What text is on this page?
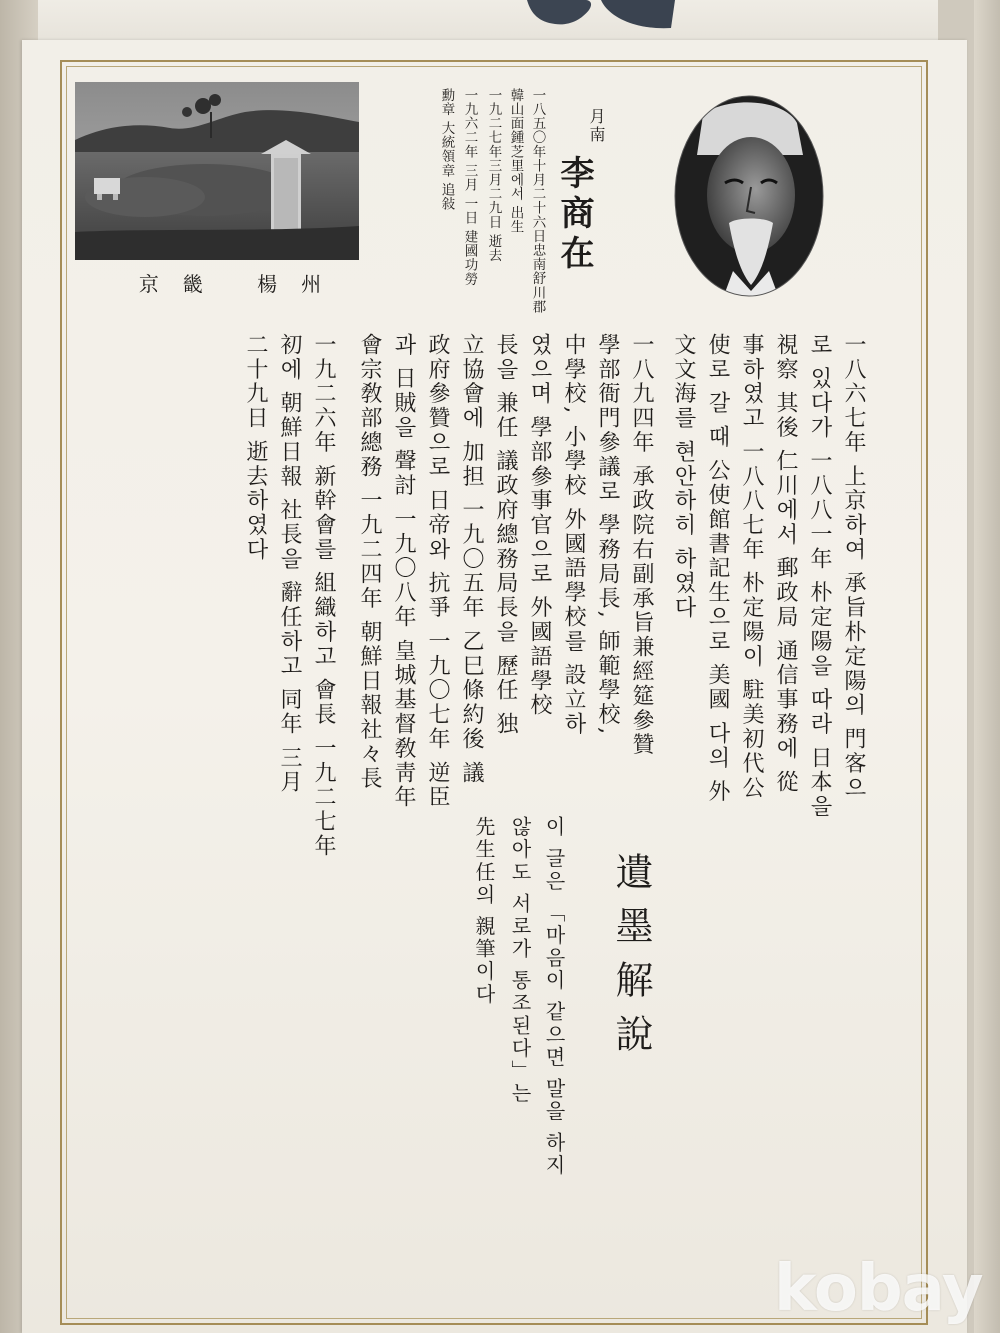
京畿 楊州
月南
李商在
一八五〇年十月二十六日忠南舒川郡
韓山面鍾芝里에서 出生
一九二七年三月二九日 逝去
一九六二年 三月 一日 建國功勞
勳章 大統領章 追敍
一八六七年 上京하여 承旨朴定陽의 門客으
로 있다가 一八八一年 朴定陽을 따라 日本을
視察 其後 仁川에서 郵政局 通信事務에 從
事하였고 一八八七年 朴定陽이 駐美初代公
使로 갈 때 公使館書記生으로 美國 다의 外
文文海를 현안하히 하였다
一八九四年 承政院右副承旨兼經筵參贊
學部衙門參議로 學務局長, 師範學校,
中學校, 小學校 外國語學校를 設立하
였으며 學部參事官으로 外國語學校
長을 兼任 議政府總務局長을 歷任 独
立協會에 加担 一九〇五年 乙巳條約後 議
政府參贊으로 日帝와 抗爭 一九〇七年 逆臣
과 日賊을 聲討 一九〇八年 皇城基督敎靑年
會宗敎部總務 一九二四年 朝鮮日報社々長
一九二六年 新幹會를 組織하고 會長 一九二七年
初에 朝鮮日報 社長을 辭任하고 同年 三月
二十九日 逝去하였다
遺墨解說
이 글은 「마음이 같으면 말을 하지
않아도 서로가 통조된다」는
先生任의 親筆이다
kobay
